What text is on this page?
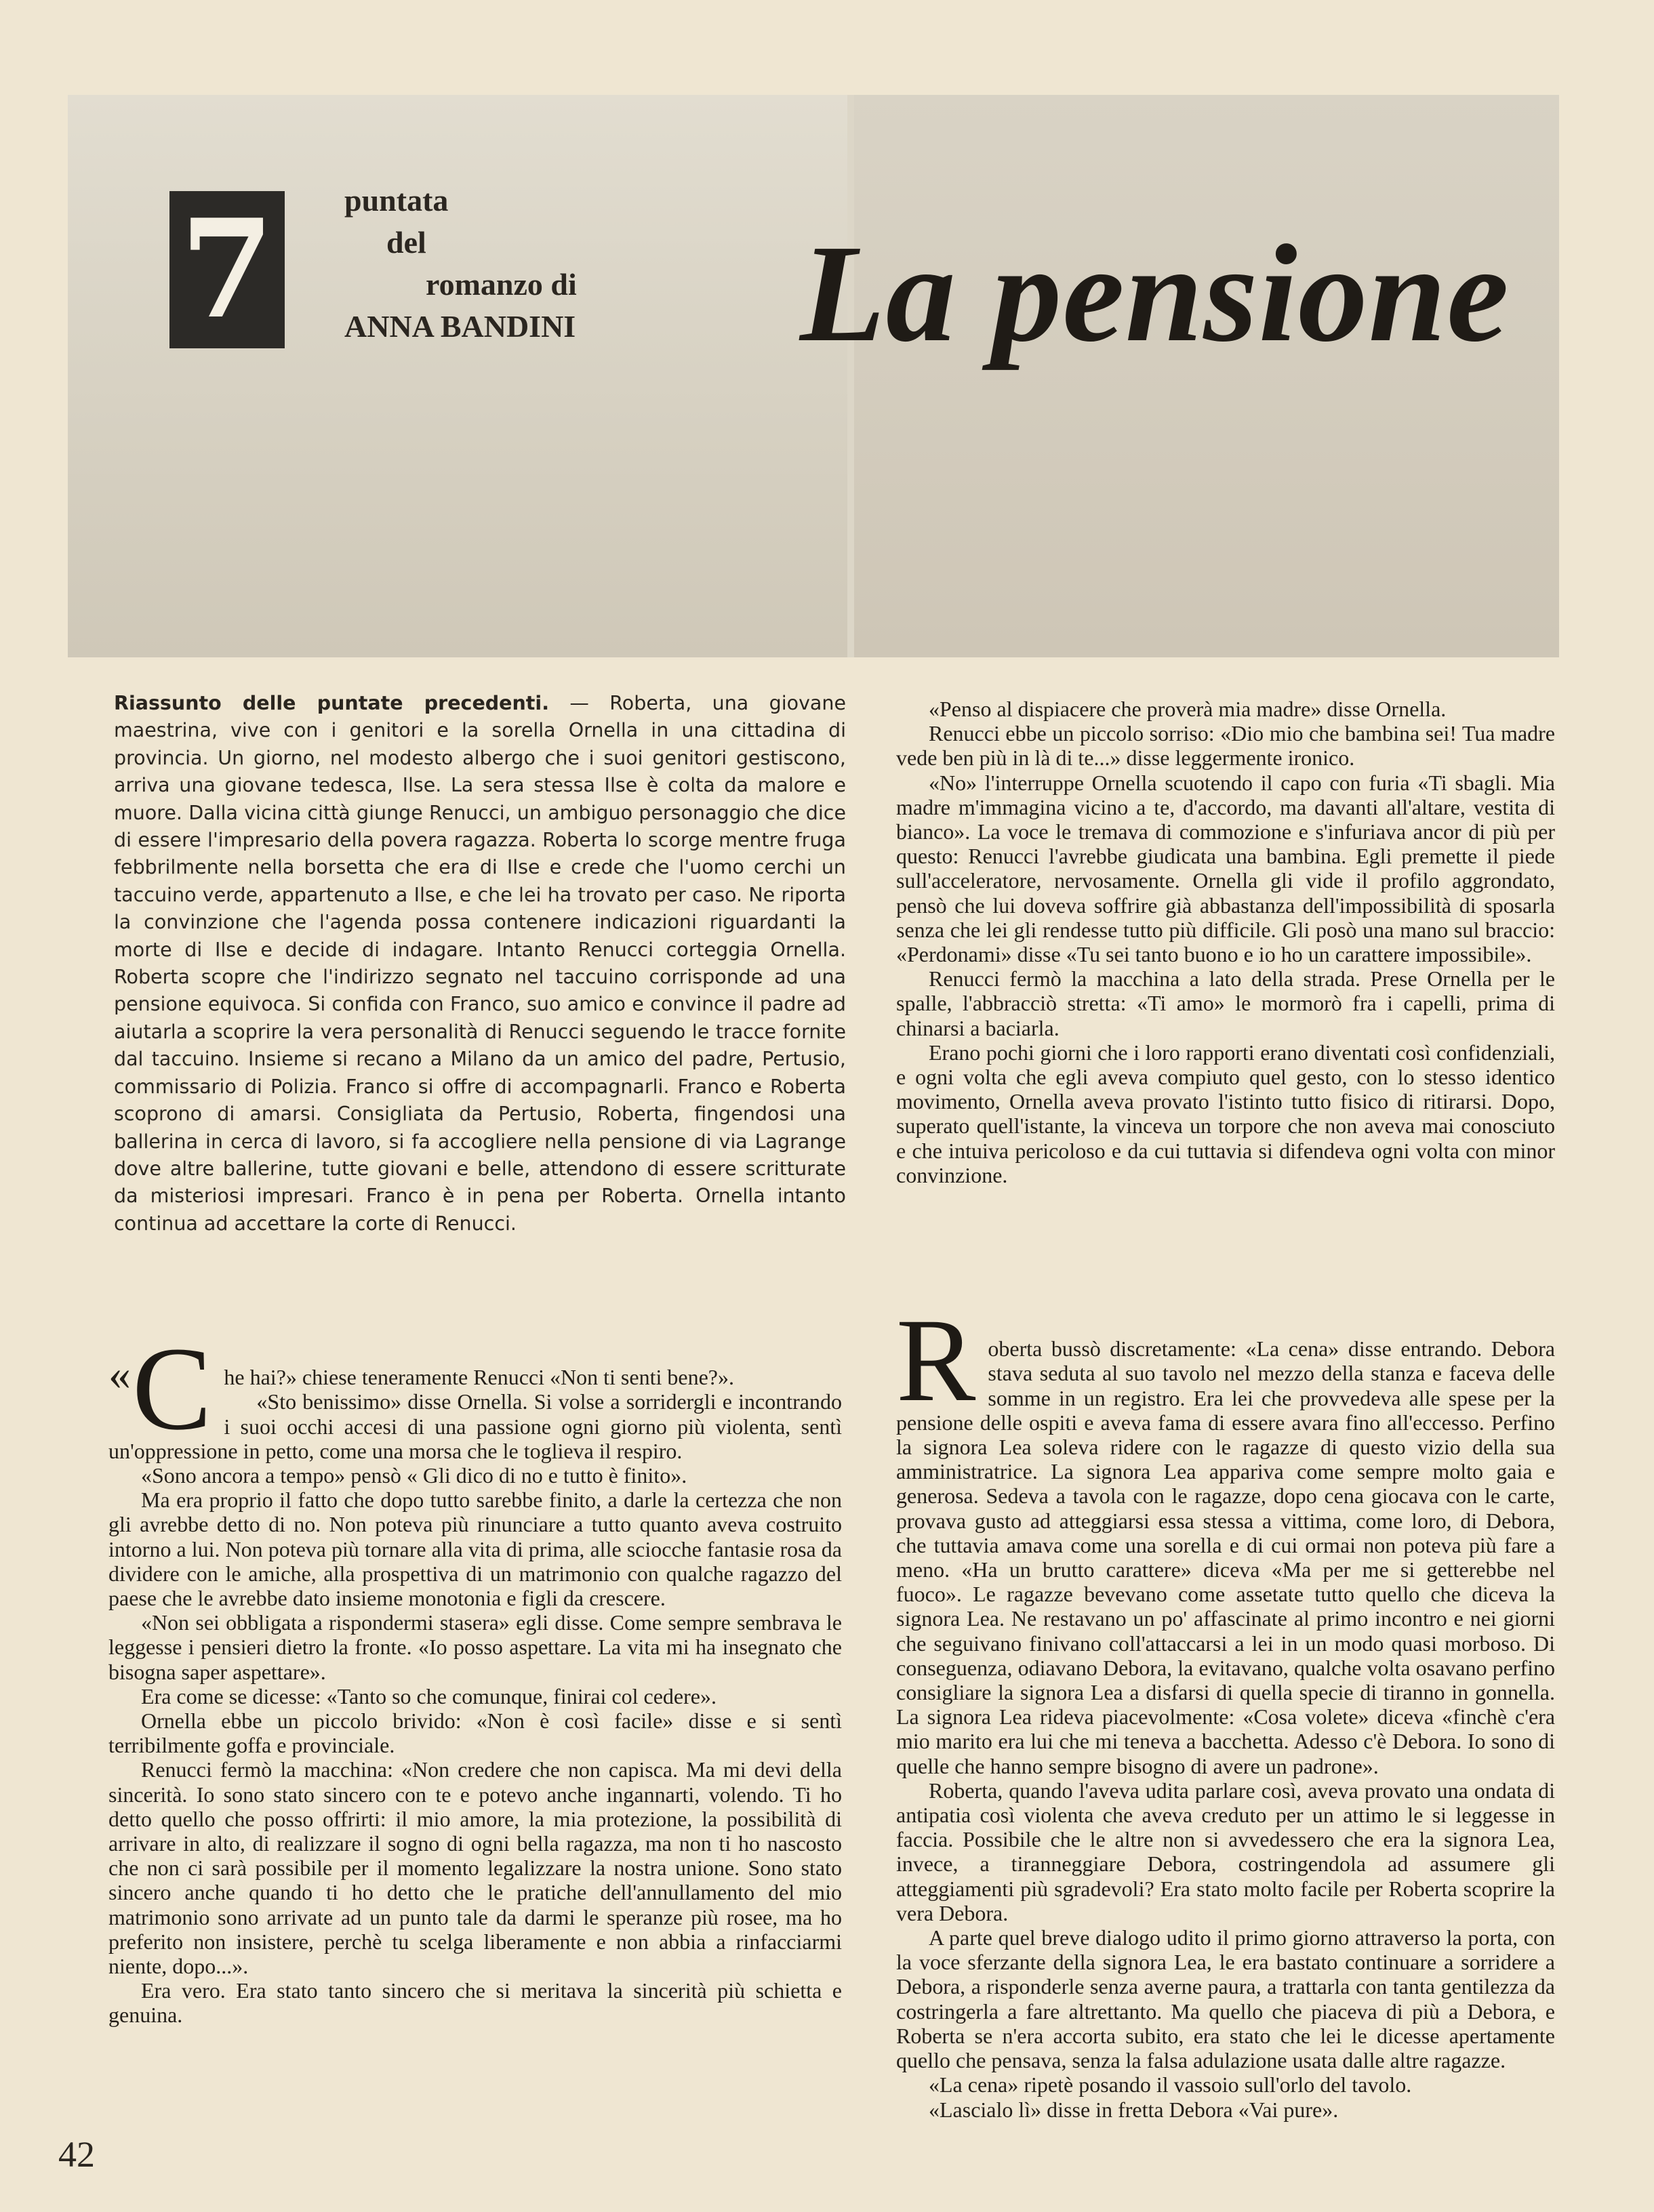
7 puntata
del
romanzo di
ANNA BANDINI La pensione
Riassunto delle puntate precedenti. — Roberta, una giovane maestrina, vive con i genitori e la sorella Ornella in una cittadina di provincia. Un giorno, nel modesto albergo che i suoi genitori gestiscono, arriva una giovane tedesca, Ilse. La sera stessa Ilse è colta da malore e muore. Dalla vicina città giunge Renucci, un ambiguo personaggio che dice di essere l'impresario della povera ragazza. Roberta lo scorge mentre fruga febbrilmente nella borsetta che era di Ilse e crede che l'uomo cerchi un taccuino verde, appartenuto a Ilse, e che lei ha trovato per caso. Ne riporta la convinzione che l'agenda possa contenere indicazioni riguardanti la morte di Ilse e decide di indagare. Intanto Renucci corteggia Ornella. Roberta scopre che l'indirizzo segnato nel taccuino corrisponde ad una pensione equivoca. Si confida con Franco, suo amico e convince il padre ad aiutarla a scoprire la vera personalità di Renucci seguendo le tracce fornite dal taccuino. Insieme si recano a Milano da un amico del padre, Pertusio, commissario di Polizia. Franco si offre di accompagnarli. Franco e Roberta scoprono di amarsi. Consigliata da Pertusio, Roberta, fingendosi una ballerina in cerca di lavoro, si fa accogliere nella pensione di via Lagrange dove altre ballerine, tutte giovani e belle, attendono di essere scritturate da misteriosi impresari. Franco è in pena per Roberta. Ornella intanto continua ad accettare la corte di Renucci.

«Penso al dispiacere che proverà mia madre» disse Ornella.

Renucci ebbe un piccolo sorriso: «Dio mio che bambina sei! Tua madre vede ben più in là di te...» disse leggermente ironico.

«No» l'interruppe Ornella scuotendo il capo con furia «Ti sbagli. Mia madre m'immagina vicino a te, d'accordo, ma davanti all'altare, vestita di bianco». La voce le tremava di commozione e s'infuriava ancor di più per questo: Renucci l'avrebbe giudicata una bambina. Egli premette il piede sull'acceleratore, nervosamente. Ornella gli vide il profilo aggrondato, pensò che lui doveva soffrire già abbastanza dell'impossibilità di sposarla senza che lei gli rendesse tutto più difficile. Gli posò una mano sul braccio: «Perdonami» disse «Tu sei tanto buono e io ho un carattere impossibile».

Renucci fermò la macchina a lato della strada. Prese Ornella per le spalle, l'abbracciò stretta: «Ti amo» le mormorò fra i capelli, prima di chinarsi a baciarla.

Erano pochi giorni che i loro rapporti erano diventati così confidenziali, e ogni volta che egli aveva compiuto quel gesto, con lo stesso identico movimento, Ornella aveva provato l'istinto tutto fisico di ritirarsi. Dopo, superato quell'istante, la vinceva un torpore che non aveva mai conosciuto e che intuiva pericoloso e da cui tuttavia si difendeva ogni volta con minor convinzione.

« C he hai?» chiese teneramente Renucci «Non ti senti bene?».

«Sto benissimo» disse Ornella. Si volse a sorridergli e incontrando i suoi occhi accesi di una passione ogni giorno più violenta, sentì un'oppressione in petto, come una morsa che le toglieva il respiro.

«Sono ancora a tempo» pensò « Gli dico di no e tutto è finito».

Ma era proprio il fatto che dopo tutto sarebbe finito, a darle la certezza che non gli avrebbe detto di no. Non poteva più rinunciare a tutto quanto aveva costruito intorno a lui. Non poteva più tornare alla vita di prima, alle sciocche fantasie rosa da dividere con le amiche, alla prospettiva di un matrimonio con qualche ragazzo del paese che le avrebbe dato insieme monotonia e figli da crescere.

«Non sei obbligata a rispondermi stasera» egli disse. Come sempre sembrava le leggesse i pensieri dietro la fronte. «Io posso aspettare. La vita mi ha insegnato che bisogna saper aspettare».

Era come se dicesse: «Tanto so che comunque, finirai col cedere».

Ornella ebbe un piccolo brivido: «Non è così facile» disse e si sentì terribilmente goffa e provinciale.

Renucci fermò la macchina: «Non credere che non capisca. Ma mi devi della sincerità. Io sono stato sincero con te e potevo anche ingannarti, volendo. Ti ho detto quello che posso offrirti: il mio amore, la mia protezione, la possibilità di arrivare in alto, di realizzare il sogno di ogni bella ragazza, ma non ti ho nascosto che non ci sarà possibile per il momento legalizzare la nostra unione. Sono stato sincero anche quando ti ho detto che le pratiche dell'annullamento del mio matrimonio sono arrivate ad un punto tale da darmi le speranze più rosee, ma ho preferito non insistere, perchè tu scelga liberamente e non abbia a rinfacciarmi niente, dopo...».

Era vero. Era stato tanto sincero che si meritava la sincerità più schietta e genuina.

Roberta bussò discretamente: «La cena» disse entrando. Debora stava seduta al suo tavolo nel mezzo della stanza e faceva delle somme in un registro. Era lei che provvedeva alle spese per la pensione delle ospiti e aveva fama di essere avara fino all'eccesso. Perfino la signora Lea soleva ridere con le ragazze di questo vizio della sua amministratrice. La signora Lea appariva come sempre molto gaia e generosa. Sedeva a tavola con le ragazze, dopo cena giocava con le carte, provava gusto ad atteggiarsi essa stessa a vittima, come loro, di Debora, che tuttavia amava come una sorella e di cui ormai non poteva più fare a meno. «Ha un brutto carattere» diceva «Ma per me si getterebbe nel fuoco». Le ragazze bevevano come assetate tutto quello che diceva la signora Lea. Ne restavano un po' affascinate al primo incontro e nei giorni che seguivano finivano coll'attaccarsi a lei in un modo quasi morboso. Di conseguenza, odiavano Debora, la evitavano, qualche volta osavano perfino consigliare la signora Lea a disfarsi di quella specie di tiranno in gonnella. La signora Lea rideva piacevolmente: «Cosa volete» diceva «finchè c'era mio marito era lui che mi teneva a bacchetta. Adesso c'è Debora. Io sono di quelle che hanno sempre bisogno di avere un padrone».

Roberta, quando l'aveva udita parlare così, aveva provato una ondata di antipatia così violenta che aveva creduto per un attimo le si leggesse in faccia. Possibile che le altre non si avvedessero che era la signora Lea, invece, a tiranneggiare Debora, costringendola ad assumere gli atteggiamenti più sgradevoli? Era stato molto facile per Roberta scoprire la vera Debora.

A parte quel breve dialogo udito il primo giorno attraverso la porta, con la voce sferzante della signora Lea, le era bastato continuare a sorridere a Debora, a risponderle senza averne paura, a trattarla con tanta gentilezza da costringerla a fare altrettanto. Ma quello che piaceva di più a Debora, e Roberta se n'era accorta subito, era stato che lei le dicesse apertamente quello che pensava, senza la falsa adulazione usata dalle altre ragazze.

«La cena» ripetè posando il vassoio sull'orlo del tavolo.

«Lascialo lì» disse in fretta Debora «Vai pure».

42
